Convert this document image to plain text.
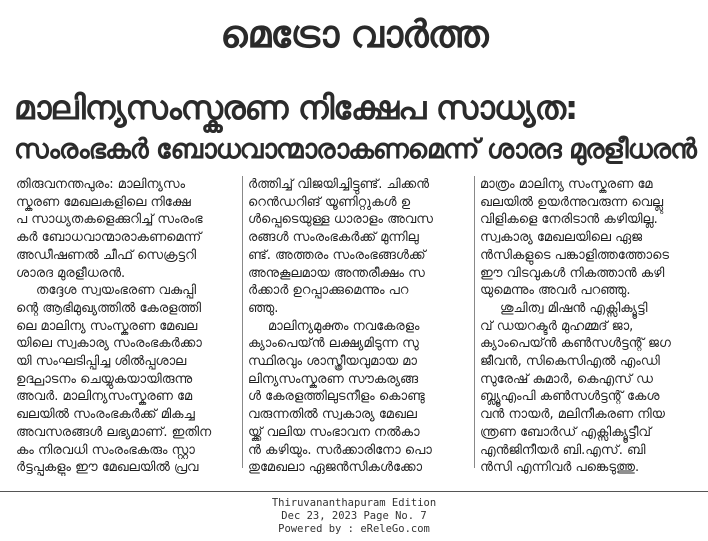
മെട്രോ വാർത്ത
മാലിന്യസംസ്കരണ നിക്ഷേപ സാധ്യത:
സംരംഭകർ ബോധവാന്മാരാകണമെന്ന് ശാരദ മുരളീധരൻ

തിരുവനന്തപുരം: മാലിന്യസം

സ്കരണ മേഖലകളിലെ നിക്ഷേ

പ സാധ്യതകളെക്കുറിച്ച് സംരംഭ

കർ ബോധവാന്മാരാകണമെന്ന്

അഡീഷണൽ ചീഫ് സെക്രട്ടറി

ശാരദ മുരളീധരൻ.

തദ്ദേശ സ്വയംഭരണ വകുപ്പി

ന്റെ ആഭിമുഖ്യത്തിൽ കേരളത്തി

ലെ മാലിന്യ സംസ്കരണ മേഖല

യിലെ സ്വകാര്യ സംരംഭകർക്കാ

യി സംഘടിപ്പിച്ച ശിൽപ്പശാല

ഉദ്ഘാടനം ചെയ്യുകയായിരുന്നു

അവർ. മാലിന്യസംസ്കരണ മേ

ഖലയിൽ സംരംഭകർക്ക് മികച്ച

അവസരങ്ങൾ ലഭ്യമാണ്. ഇതിന

കം നിരവധി സംരംഭകരും സ്റ്റാ

ർട്ടപ്പുകളും ഈ മേഖലയിൽ പ്രവ

ർത്തിച്ച് വിജയിച്ചിട്ടുണ്ട്. ചിക്കൻ

റെൻഡറിങ് യൂണിറ്റുകൾ ഉ

ൾപ്പെടെയുള്ള ധാരാളം അവസ

രങ്ങൾ സംരംഭകർക്ക് മുന്നിലു

ണ്ട്. അത്തരം സംരംഭങ്ങൾക്ക്

അനുകൂലമായ അന്തരീക്ഷം സ

ർക്കാർ ഉറപ്പാക്കുമെന്നും പറ

ഞ്ഞു.

മാലിന്യമുക്തം നവകേരളം

ക്യാംപെയ്ൻ ലക്ഷ്യമിടുന്ന സു

സ്ഥിരവും ശാസ്ത്രീയവുമായ മാ

ലിന്യസംസ്കരണ സൗകര്യങ്ങ

ൾ കേരളത്തിലുടനീളം കൊണ്ടു

വരുന്നതിൽ സ്വകാര്യ മേഖല

യ്ക്ക് വലിയ സംഭാവന നൽകാ

ൻ കഴിയും. സർക്കാരിനോ പൊ

തുമേഖലാ ഏജൻസികൾക്കോ

മാത്രം മാലിന്യ സംസ്കരണ മേ

ഖലയിൽ ഉയർന്നുവരുന്ന വെല്ലു

വിളികളെ നേരിടാൻ കഴിയില്ല.

സ്വകാര്യ മേഖലയിലെ ഏജ

ൻസികളുടെ പങ്കാളിത്തത്തോടെ

ഈ വിടവുകൾ നികത്താൻ കഴി

യുമെന്നും അവർ പറഞ്ഞു.

ശുചിത്വ മിഷൻ എക്സിക്യൂട്ടി

വ് ഡയറക്ടർ മുഹമ്മദ് ജാ,

ക്യാംപെയ്ൻ കൺസൾട്ടന്റ് ജഗ

ജീവൻ, സികെസിഎൽ എംഡി

സുരേഷ് കുമാർ, കെഎസ് ഡ

ബ്ല്യൂഎംപി കൺസൾട്ടന്റ് കേശ

വൻ നായർ, മലിനീകരണ നിയ

ന്ത്രണ ബോർഡ് എക്സിക്യൂട്ടീവ്

എൻജിനീയർ ബി.എസ്. ബി

ൻസി എന്നിവർ പങ്കെടുത്തു.

Thiruvananthapuram Edition
Dec 23, 2023 Page No. 7
Powered by : eReleGo.com
